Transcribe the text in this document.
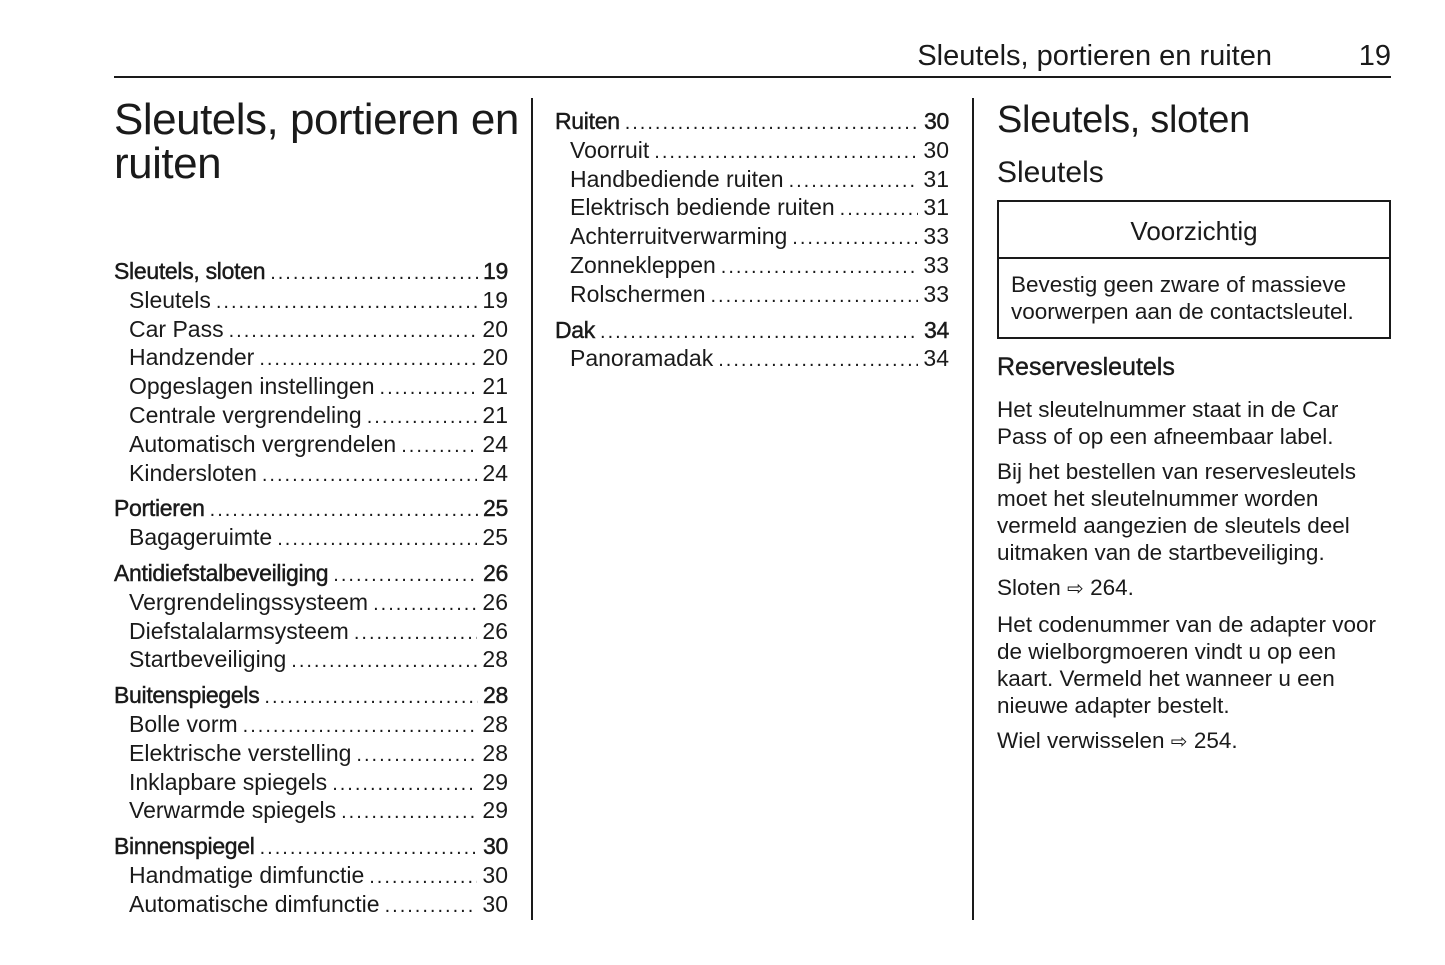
Sleutels, portieren en ruiten	19
Sleutels, portieren en ruiten
Sleutels, sloten .....	19
Sleutels .....	19
Car Pass .....	20
Handzender .....	20
Opgeslagen instellingen .....	21
Centrale vergrendeling .....	21
Automatisch vergrendelen .....	24
Kindersloten .....	24
Portieren .....	25
Bagageruimte .....	25
Antidiefstalbeveiliging .....	26
Vergrendelingssysteem .....	26
Diefstalalarmsysteem .....	26
Startbeveiliging .....	28
Buitenspiegels .....	28
Bolle vorm .....	28
Elektrische verstelling .....	28
Inklapbare spiegels .....	29
Verwarmde spiegels .....	29
Binnenspiegel .....	30
Handmatige dimfunctie .....	30
Automatische dimfunctie .....	30
Ruiten .....	30
Voorruit .....	30
Handbediende ruiten .....	31
Elektrisch bediende ruiten .....	31
Achterruitverwarming .....	33
Zonnekleppen .....	33
Rolschermen .....	33
Dak .....	34
Panoramadak .....	34
Sleutels, sloten
Sleutels
Voorzichtig
Bevestig geen zware of massieve voorwerpen aan de contactsleutel.
Reservesleutels

Het sleutelnummer staat in de Car Pass of op een afneembaar label.

Bij het bestellen van reservesleutels moet het sleutelnummer worden vermeld aangezien de sleutels deel uitmaken van de startbeveiliging.

Sloten ⇨ 264.

Het codenummer van de adapter voor de wielborgmoeren vindt u op een kaart. Vermeld het wanneer u een nieuwe adapter bestelt.

Wiel verwisselen ⇨ 254.
